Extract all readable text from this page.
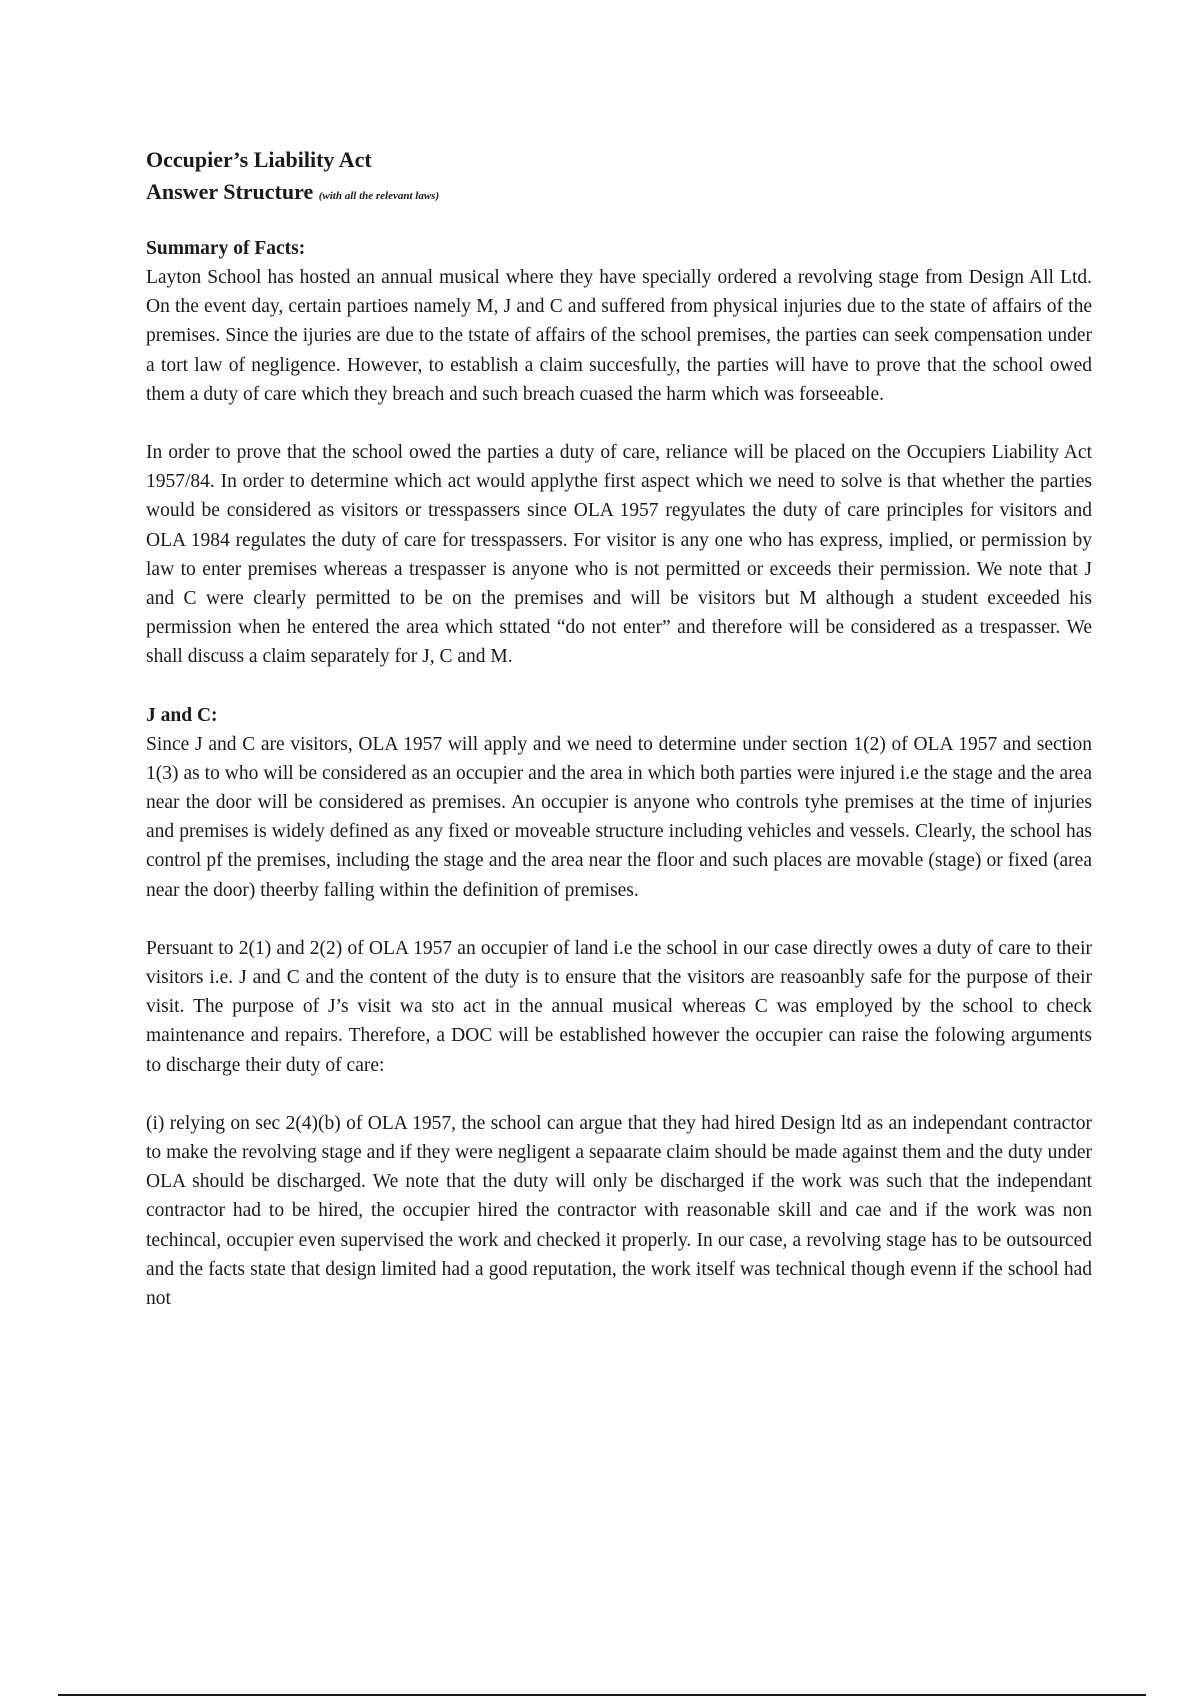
Occupier’s Liability Act

Answer Structure (with all the relevant laws)

Summary of Facts:

Layton School has hosted an annual musical where they have specially ordered a revolving stage from Design All Ltd. On the event day, certain partioes namely M, J and C and suffered from physical injuries due to the state of affairs of the premises. Since the ijuries are due to the tstate of affairs of the school premises, the parties can seek compensation under a tort law of negligence. However, to establish a claim succesfully, the parties will have to prove that the school owed them a duty of care which they breach and such breach cuased the harm which was forseeable.

In order to prove that the school owed the parties a duty of care, reliance will be placed on the Occupiers Liability Act 1957/84. In order to determine which act would applythe first aspect which we need to solve is that whether the parties would be considered as visitors or tresspassers since OLA 1957 regyulates the duty of care principles for visitors and OLA 1984 regulates the duty of care for tresspassers. For visitor is any one who has express, implied, or permission by law to enter premises whereas a trespasser is anyone who is not permitted or exceeds their permission. We note that J and C were clearly permitted to be on the premises and will be visitors but M although a student exceeded his permission when he entered the area which sttated “do not enter” and therefore will be considered as a trespasser. We shall discuss a claim separately for J, C and M.

J and C:

Since J and C are visitors, OLA 1957 will apply and we need to determine under section 1(2) of OLA 1957 and section 1(3) as to who will be considered as an occupier and the area in which both parties were injured i.e the stage and the area near the door will be considered as premises. An occupier is anyone who controls tyhe premises at the time of injuries and premises is widely defined as any fixed or moveable structure including vehicles and vessels. Clearly, the school has control pf the premises, including the stage and the area near the floor and such places are movable (stage) or fixed (area near the door) theerby falling within the definition of premises.

Persuant to 2(1) and 2(2) of OLA 1957 an occupier of land i.e the school in our case directly owes a duty of care to their visitors i.e. J and C and the content of the duty is to ensure that the visitors are reasoanbly safe for the purpose of their visit. The purpose of J’s visit wa sto act in the annual musical whereas C was employed by the school to check maintenance and repairs. Therefore, a DOC will be established however the occupier can raise the folowing arguments to discharge their duty of care:

(i) relying on sec 2(4)(b) of OLA 1957, the school can argue that they had hired Design ltd as an independant contractor to make the revolving stage and if they were negligent a sepaarate claim should be made against them and the duty under OLA should be discharged. We note that the duty will only be discharged if the work was such that the independant contractor had to be hired, the occupier hired the contractor with reasonable skill and cae and if the work was non techincal, occupier even supervised the work and checked it properly. In our case, a revolving stage has to be outsourced and the facts state that design limited had a good reputation, the work itself was technical though evenn if the school had not
